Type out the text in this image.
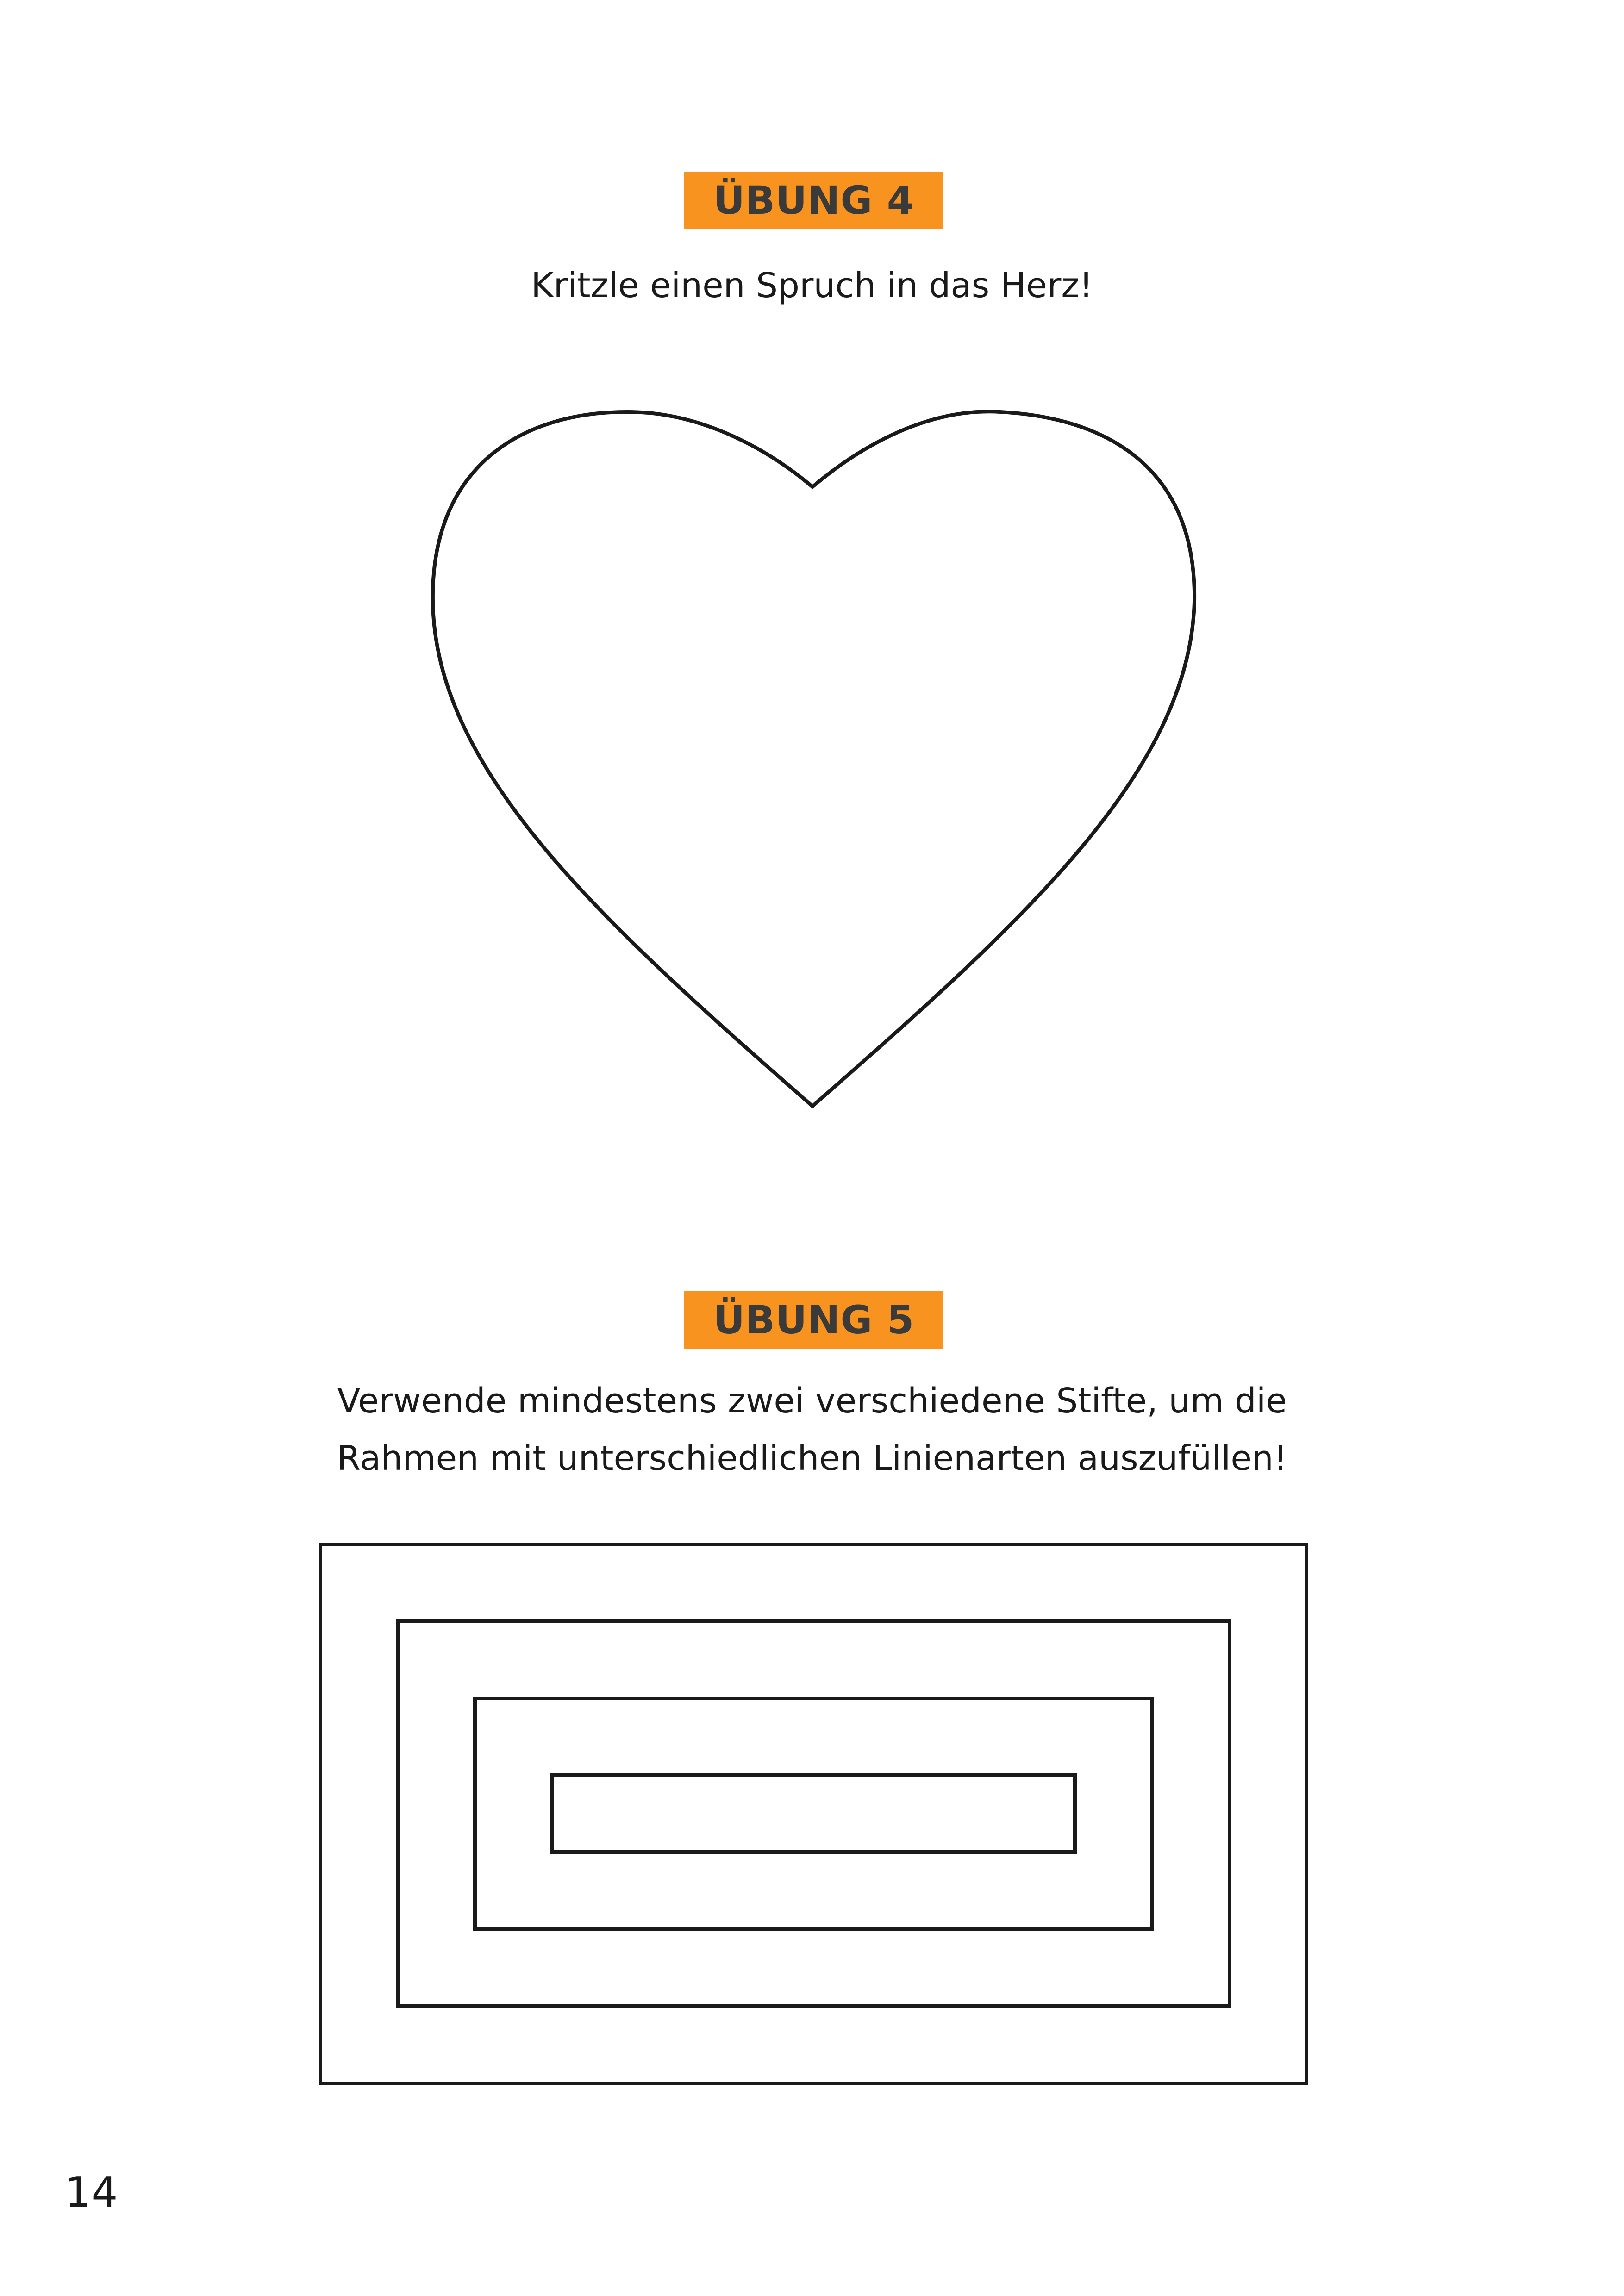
ÜBUNG 4

Kritzle einen Spruch in das Herz!

ÜBUNG 5
Verwende mindestens zwei verschiedene Stifte, um die
Rahmen mit unterschiedlichen Linienarten auszufüllen!
14
